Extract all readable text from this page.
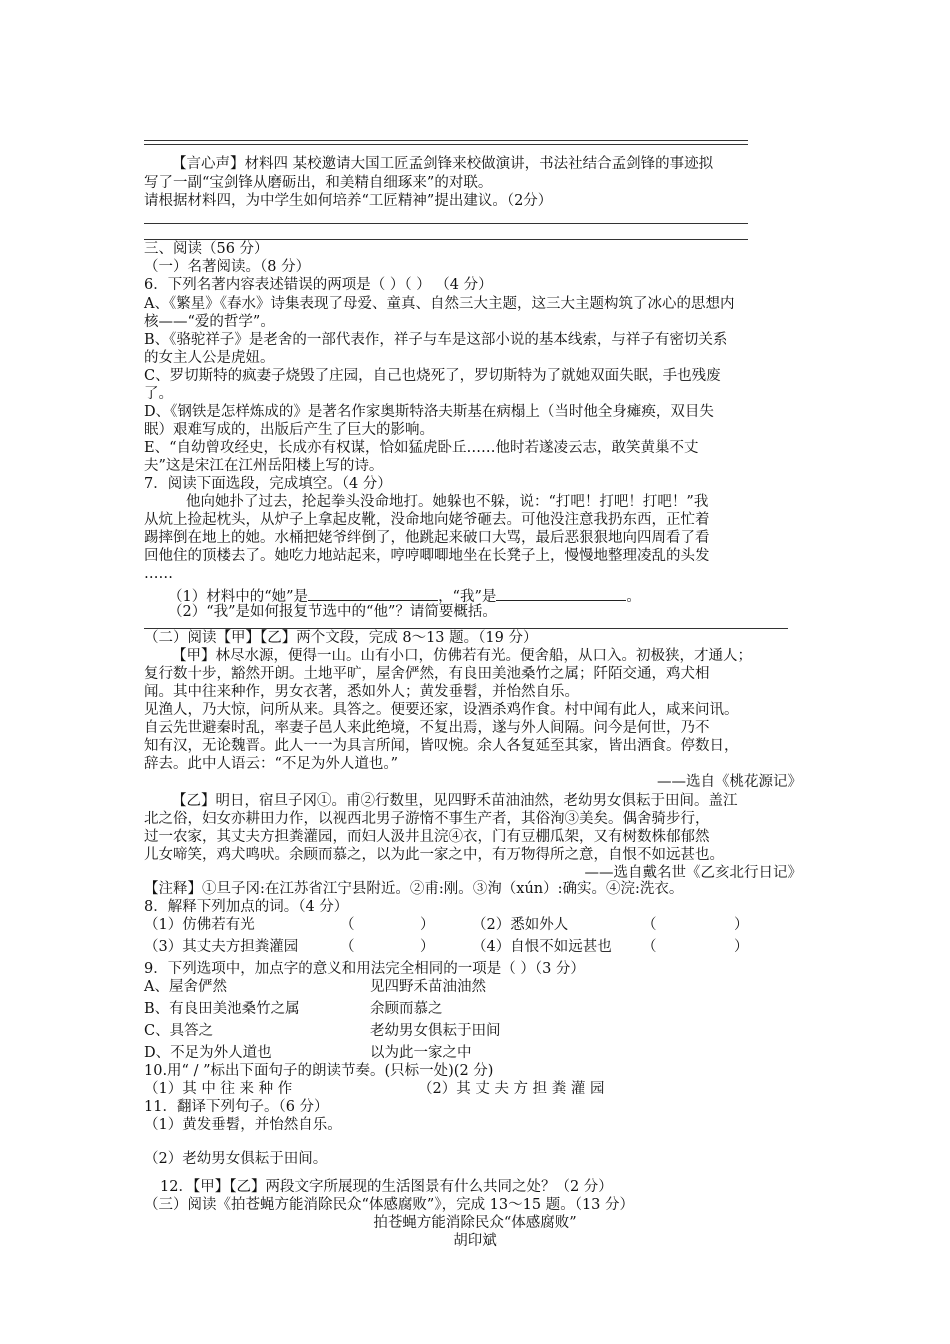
【言心声】材料四 某校邀请大国工匠孟剑锋来校做演讲，书法社结合孟剑锋的事迹拟
写了一副“宝剑锋从磨砺出，和美精自细琢来”的对联。
请根据材料四，为中学生如何培养“工匠精神”提出建议。（2分）
三、阅读（56 分）
（一）名著阅读。（8 分）
6．下列名著内容表述错误的两项是（ ）（ ） （4 分）
A、《繁星》《春水》诗集表现了母爱、童真、自然三大主题，这三大主题构筑了冰心的思想内
核——“爱的哲学”。
B、《骆驼祥子》是老舍的一部代表作，祥子与车是这部小说的基本线索，与祥子有密切关系
的女主人公是虎妞。
C、罗切斯特的疯妻子烧毁了庄园，自己也烧死了，罗切斯特为了就她双面失眠，手也残废
了。
D、《钢铁是怎样炼成的》是著名作家奥斯特洛夫斯基在病榻上（当时他全身瘫痪，双目失
眠）艰难写成的，出版后产生了巨大的影响。
E、“自幼曾攻经史，长成亦有权谋，恰如猛虎卧丘……他时若遂凌云志，敢笑黄巢不丈
夫”这是宋江在江州岳阳楼上写的诗。
7．阅读下面选段，完成填空。（4 分）
他向她扑了过去，抡起拳头没命地打。她躲也不躲，说：“打吧！打吧！打吧！”我
从炕上捡起枕头，从炉子上拿起皮靴，没命地向姥爷砸去。可他没注意我扔东西，正忙着
踢摔倒在地上的她。水桶把姥爷绊倒了，他跳起来破口大骂，最后恶狠狠地向四周看了看
回他住的顶楼去了。她吃力地站起来，哼哼唧唧地坐在长凳子上，慢慢地整理凌乱的头发
……
（1）材料中的“她”是	，“我”是	。
（2）“我”是如何报复节选中的“他”？请简要概括。
（二）阅读【甲】【乙】两个文段，完成 8～13 题。（19 分）
【甲】林尽水源，便得一山。山有小口，仿佛若有光。便舍船，从口入。初极狭，才通人；
复行数十步，豁然开朗。土地平旷，屋舍俨然，有良田美池桑竹之属；阡陌交通，鸡犬相
闻。其中往来种作，男女衣著，悉如外人；黄发垂髫，并怡然自乐。
见渔人，乃大惊，问所从来。具答之。便要还家，设酒杀鸡作食。村中闻有此人，咸来问讯。
自云先世避秦时乱，率妻子邑人来此绝境，不复出焉，遂与外人间隔。问今是何世，乃不
知有汉，无论魏晋。此人一一为具言所闻，皆叹惋。余人各复延至其家，皆出酒食。停数日，
辞去。此中人语云：“不足为外人道也。”
——选自《桃花源记》
【乙】明日，宿旦子冈①。甫②行数里，见四野禾苗油油然，老幼男女俱耘于田间。盖江
北之俗，妇女亦耕田力作，以视西北男子游惰不事生产者，其俗洵③美矣。偶舍骑步行，
过一农家，其丈夫方担粪灌园，而妇人汲井且浣④衣，门有豆棚瓜架，又有树数株郁郁然
儿女啼笑，鸡犬鸣吠。余顾而慕之，以为此一家之中，有万物得所之意，自恨不如远甚也。
——选自戴名世《乙亥北行日记》
【注释】①旦子冈:在江苏省江宁县附近。②甫:刚。③洵（xún）:确实。④浣:洗衣。
8．解释下列加点的词。（4 分）
（1）仿佛若有光	（	）	（2）悉如外人	（	）
（3）其丈夫方担粪灌园	（	）	（4）自恨不如远甚也 （	）
9．下列选项中，加点字的意义和用法完全相同的一项是（ ）（3 分）
A、屋舍俨然	见四野禾苗油油然
B、有良田美池桑竹之属	余顾而慕之
C、具答之	老幼男女俱耘于田间
D、不足为外人道也	以为此一家之中
10.用“ / ”标出下面句子的朗读节奏。(只标一处)(2 分)
（1）其 中 往 来 种 作	（2）其 丈 夫 方 担 粪 灌 园
11．翻译下列句子。（6 分）
（1）黄发垂髫，并怡然自乐。
（2）老幼男女俱耘于田间。
12．【甲】【乙】两段文字所展现的生活图景有什么共同之处？（2 分）
（三）阅读《拍苍蝇方能消除民众“体感腐败”》，完成 13～15 题。（13 分）
拍苍蝇方能消除民众“体感腐败”
胡印斌
